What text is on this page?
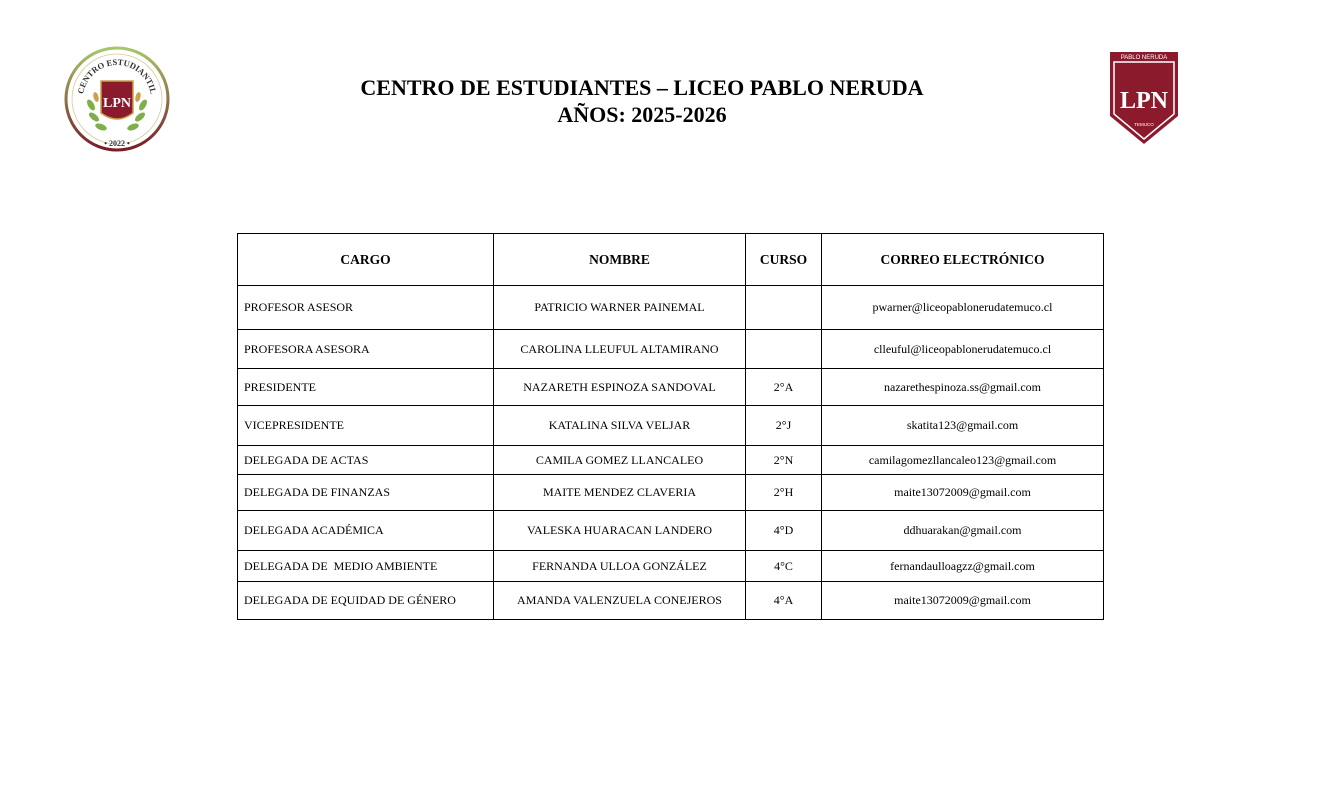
CENTRO ESTUDIANTIL
LPN
• 2022 •
CENTRO DE ESTUDIANTES – LICEO PABLO NERUDA
AÑOS: 2025-2026
PABLO NERUDA
LPN
TEMUCO
CARGO	NOMBRE	CURSO	CORREO ELECTRÓNICO
PROFESOR ASESOR	PATRICIO WARNER PAINEMAL		pwarner@liceopablonerudatemuco.cl
PROFESORA ASESORA	CAROLINA LLEUFUL ALTAMIRANO		clleuful@liceopablonerudatemuco.cl
PRESIDENTE	NAZARETH ESPINOZA SANDOVAL	2°A	nazarethespinoza.ss@gmail.com
VICEPRESIDENTE	KATALINA SILVA VELJAR	2°J	skatita123@gmail.com
DELEGADA DE ACTAS	CAMILA GOMEZ LLANCALEO	2°N	camilagomezllancaleo123@gmail.com
DELEGADA DE FINANZAS	MAITE MENDEZ CLAVERIA	2°H	maite13072009@gmail.com
DELEGADA ACADÉMICA	VALESKA HUARACAN LANDERO	4°D	ddhuarakan@gmail.com
DELEGADA DE  MEDIO AMBIENTE	FERNANDA ULLOA GONZÁLEZ	4°C	fernandaulloagzz@gmail.com
DELEGADA DE EQUIDAD DE GÉNERO	AMANDA VALENZUELA CONEJEROS	4°A	maite13072009@gmail.com
